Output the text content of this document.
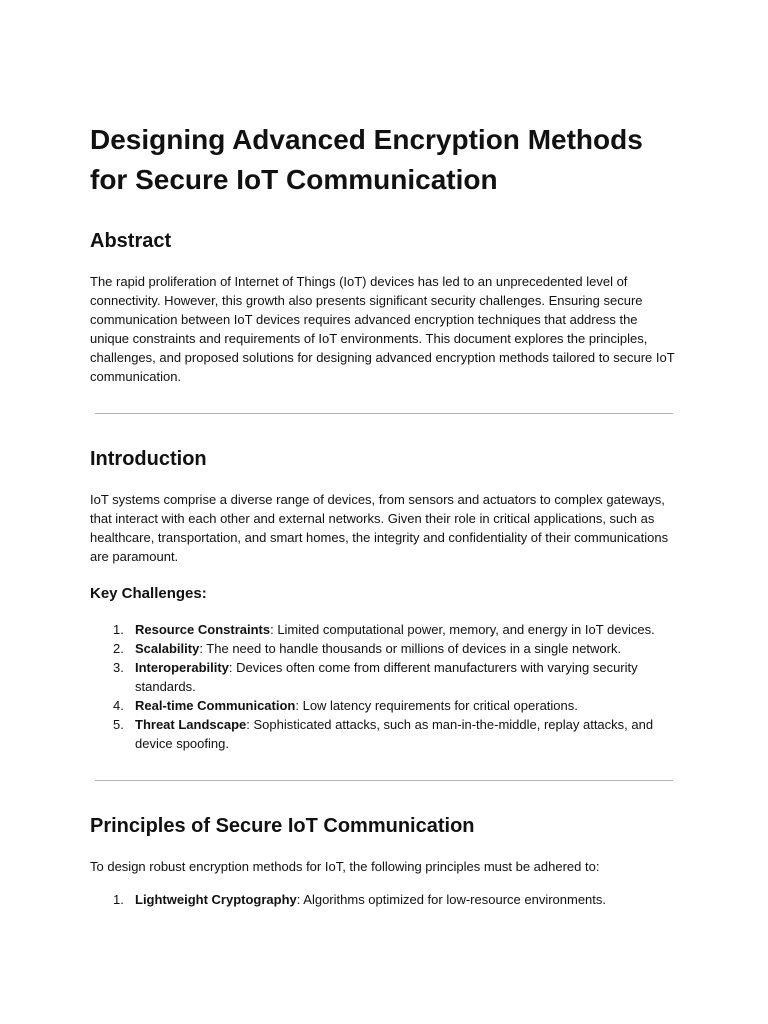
Designing Advanced Encryption Methods for Secure IoT Communication
Abstract

The rapid proliferation of Internet of Things (IoT) devices has led to an unprecedented level of connectivity. However, this growth also presents significant security challenges. Ensuring secure communication between IoT devices requires advanced encryption techniques that address the unique constraints and requirements of IoT environments. This document explores the principles, challenges, and proposed solutions for designing advanced encryption methods tailored to secure IoT communication.

Introduction

IoT systems comprise a diverse range of devices, from sensors and actuators to complex gateways, that interact with each other and external networks. Given their role in critical applications, such as healthcare, transportation, and smart homes, the integrity and confidentiality of their communications are paramount.

Key Challenges:
1. Resource Constraints: Limited computational power, memory, and energy in IoT devices.
2. Scalability: The need to handle thousands or millions of devices in a single network.
3. Interoperability: Devices often come from different manufacturers with varying security standards.
4. Real-time Communication: Low latency requirements for critical operations.
5. Threat Landscape: Sophisticated attacks, such as man-in-the-middle, replay attacks, and device spoofing.
Principles of Secure IoT Communication

To design robust encryption methods for IoT, the following principles must be adhered to:

1. Lightweight Cryptography: Algorithms optimized for low-resource environments.
